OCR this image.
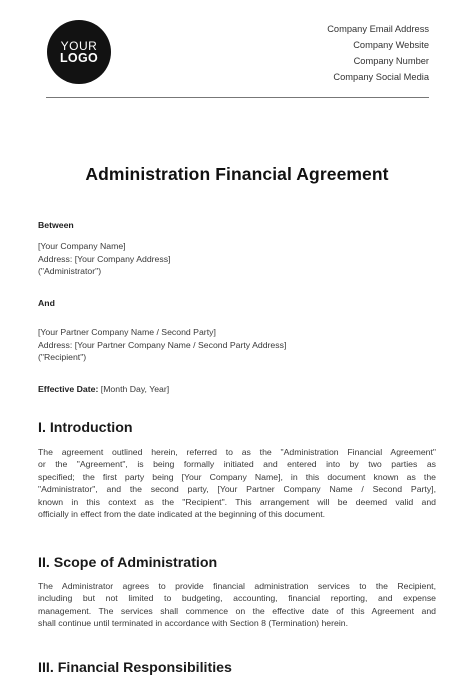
YOUR
LOGO
Company Email Address
Company Website
Company Number
Company Social Media
Administration Financial Agreement
Between
[Your Company Name]
Address: [Your Company Address]
("Administrator")
And
[Your Partner Company Name / Second Party]
Address: [Your Partner Company Name / Second Party Address]
("Recipient")
Effective Date: [Month Day, Year]
I. Introduction
The agreement outlined herein, referred to as the "Administration Financial Agreement"
or the "Agreement", is being formally initiated and entered into by two parties as
specified; the first party being [Your Company Name], in this document known as the
"Administrator", and the second party, [Your Partner Company Name / Second Party],
known in this context as the "Recipient". This arrangement will be deemed valid and
officially in effect from the date indicated at the beginning of this document.
II. Scope of Administration
The Administrator agrees to provide financial administration services to the Recipient,
including but not limited to budgeting, accounting, financial reporting, and expense
management. The services shall commence on the effective date of this Agreement and
shall continue until terminated in accordance with Section 8 (Termination) herein.
III. Financial Responsibilities
